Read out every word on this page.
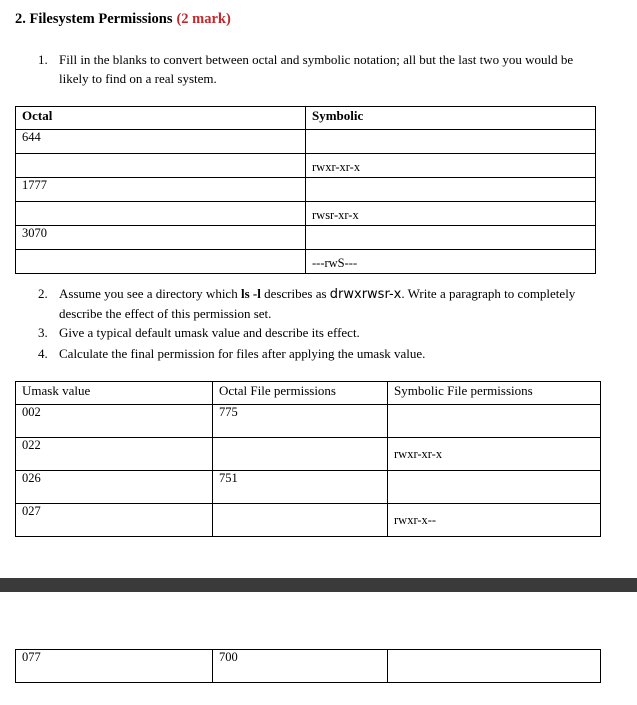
2. Filesystem Permissions (2 mark)
1. Fill in the blanks to convert between octal and symbolic notation; all but the last two you would be likely to find on a real system.
Octal	Symbolic
644	
	rwxr-xr-x
1777	
	rwsr-xr-x
3070	
	---rwS---
2. Assume you see a directory which ls -l describes as drwxrwsr-x. Write a paragraph to completely describe the effect of this permission set.
3. Give a typical default umask value and describe its effect.
4. Calculate the final permission for files after applying the umask value.
Umask value	Octal File permissions	Symbolic File permissions
002	775	
022		rwxr-xr-x
026	751	
027		rwxr-x--
077	700	
